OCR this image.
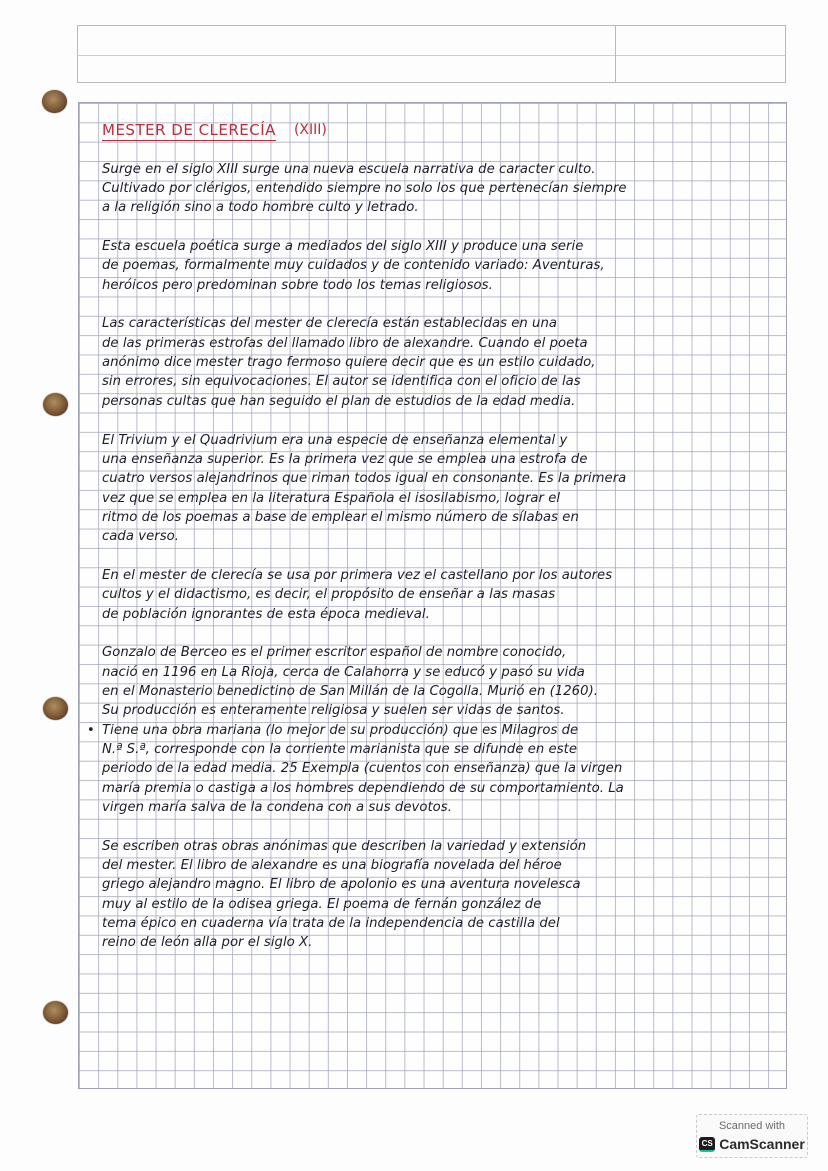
MESTER DE CLERECÍA (XIII)
Surge en el siglo XIII surge una nueva escuela narrativa de caracter culto.
Cultivado por clérigos, entendido siempre no solo los que pertenecían siempre
a la religión sino a todo hombre culto y letrado.
Esta escuela poética surge a mediados del siglo XIII y produce una serie
de poemas, formalmente muy cuidados y de contenido variado: Aventuras,
heróicos pero predominan sobre todo los temas religiosos.
Las características del mester de clerecía están establecidas en una
de las primeras estrofas del llamado libro de alexandre. Cuando el poeta
anónimo dice mester trago fermoso quiere decir que es un estilo cuidado,
sin errores, sin equivocaciones. El autor se identifica con el oficio de las
personas cultas que han seguido el plan de estudios de la edad media.
El Trivium y el Quadrivium era una especie de enseñanza elemental y
una enseñanza superior. Es la primera vez que se emplea una estrofa de
cuatro versos alejandrinos que riman todos igual en consonante. Es la primera
vez que se emplea en la literatura Española el isosilabismo, lograr el
ritmo de los poemas a base de emplear el mismo número de sílabas en
cada verso.
En el mester de clerecía se usa por primera vez el castellano por los autores
cultos y el didactismo, es decir, el propósito de enseñar a las masas
de población ignorantes de esta época medieval.
Gonzalo de Berceo es el primer escritor español de nombre conocido,
nació en 1196 en La Rioja, cerca de Calahorra y se educó y pasó su vida
en el Monasterio benedictino de San Millán de la Cogolla. Murió en (1260).
Su producción es enteramente religiosa y suelen ser vidas de santos.
• Tiene una obra mariana (lo mejor de su producción) que es Milagros de
N.ª S.ª, corresponde con la corriente marianista que se difunde en este
periodo de la edad media. 25 Exempla (cuentos con enseñanza) que la virgen
maría premia o castiga a los hombres dependiendo de su comportamiento. La
virgen maría salva de la condena con a sus devotos.
Se escriben otras obras anónimas que describen la variedad y extensión
del mester. El libro de alexandre es una biografía novelada del héroe
griego alejandro magno. El libro de apolonio es una aventura novelesca
muy al estilo de la odisea griega. El poema de fernán gonzález de
tema épico en cuaderna vía trata de la independencia de castilla del
reino de león alla por el siglo X.
Scanned with
CS CamScanner
